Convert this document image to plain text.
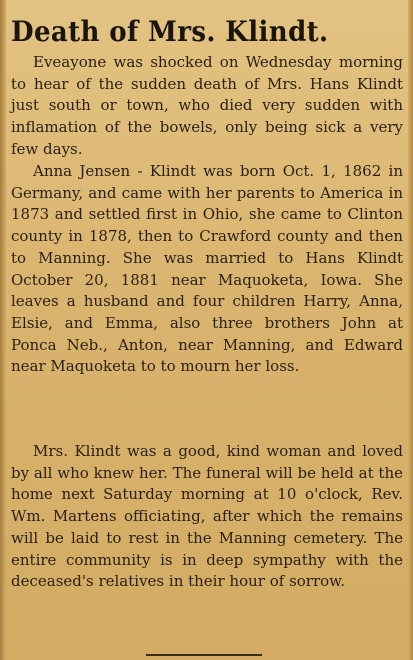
Death of Mrs. Klindt.

Eveayone was shocked on Wednesday morning to hear of the sudden death of Mrs. Hans Klindt just south or town, who died very sudden with inflamation of the bowels, only being sick a very few days.

Anna Jensen - Klindt was born Oct. 1, 1862 in Germany, and came with her parents to America in 1873 and settled first in Ohio, she came to Clinton county in 1878, then to Crawford county and then to Manning. She was married to Hans Klindt October 20, 1881 near Maquoketa, Iowa. She leaves a husband and four children Harry, Anna, Elsie, and Emma, also three brothers John at Ponca Neb., Anton, near Manning, and Edward near Maquoketa to to mourn her loss.

Mrs. Klindt was a good, kind woman and loved by all who knew her. The funeral will be held at the home next Saturday morning at 10 o'clock, Rev. Wm. Martens officiating, after which the remains will be laid to rest in the Manning cemetery. The entire community is in deep sympathy with the deceased's relatives in their hour of sorrow.
